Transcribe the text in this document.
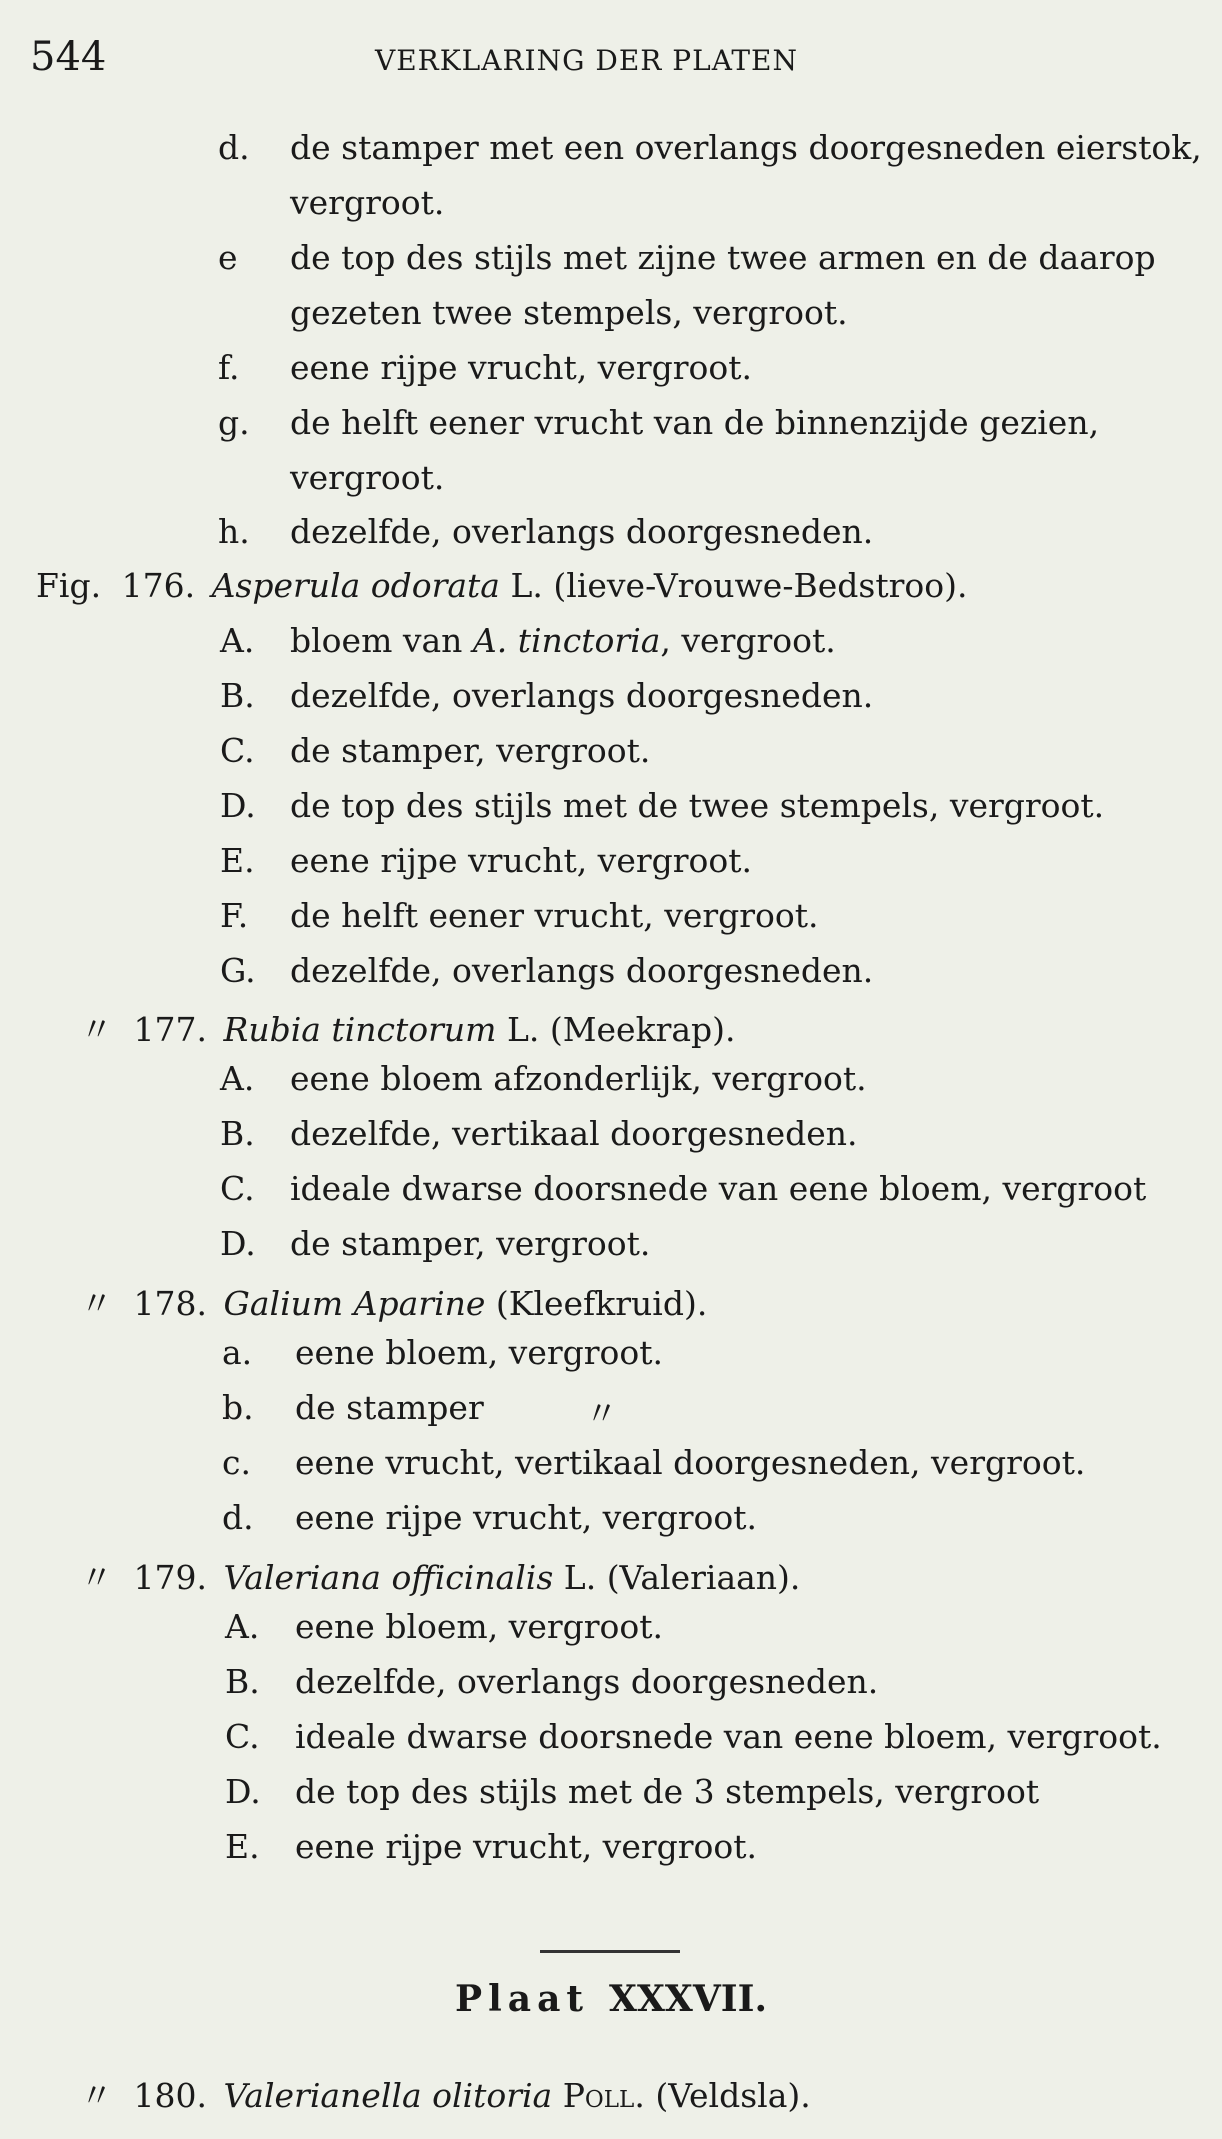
544	VERKLARING DER PLATEN
d. de stamper met een overlangs doorgesneden eierstok,
vergroot.
e de top des stijls met zijne twee armen en de daarop
gezeten twee stempels, vergroot.
f. eene rijpe vrucht, vergroot.
g. de helft eener vrucht van de binnenzijde gezien,
vergroot.
h. dezelfde, overlangs doorgesneden.
Fig. 176. Asperula odorata L. (lieve-Vrouwe-Bedstroo).
A. bloem van A. tinctoria, vergroot.
B. dezelfde, overlangs doorgesneden.
C. de stamper, vergroot.
D. de top des stijls met de twee stempels, vergroot.
E. eene rijpe vrucht, vergroot.
F. de helft eener vrucht, vergroot.
G. dezelfde, overlangs doorgesneden.
〃 177. Rubia tinctorum L. (Meekrap).
A. eene bloem afzonderlijk, vergroot.
B. dezelfde, vertikaal doorgesneden.
C. ideale dwarse doorsnede van eene bloem, vergroot
D. de stamper, vergroot.
〃 178. Galium Aparine (Kleefkruid).
a. eene bloem, vergroot.
b. de stamper	〃
c. eene vrucht, vertikaal doorgesneden, vergroot.
d. eene rijpe vrucht, vergroot.
〃 179. Valeriana officinalis L. (Valeriaan).
A. eene bloem, vergroot.
B. dezelfde, overlangs doorgesneden.
C. ideale dwarse doorsnede van eene bloem, vergroot.
D. de top des stijls met de 3 stempels, vergroot
E. eene rijpe vrucht, vergroot.
Plaat XXXVII.
〃 180. Valerianella olitoria Poll. (Veldsla).
